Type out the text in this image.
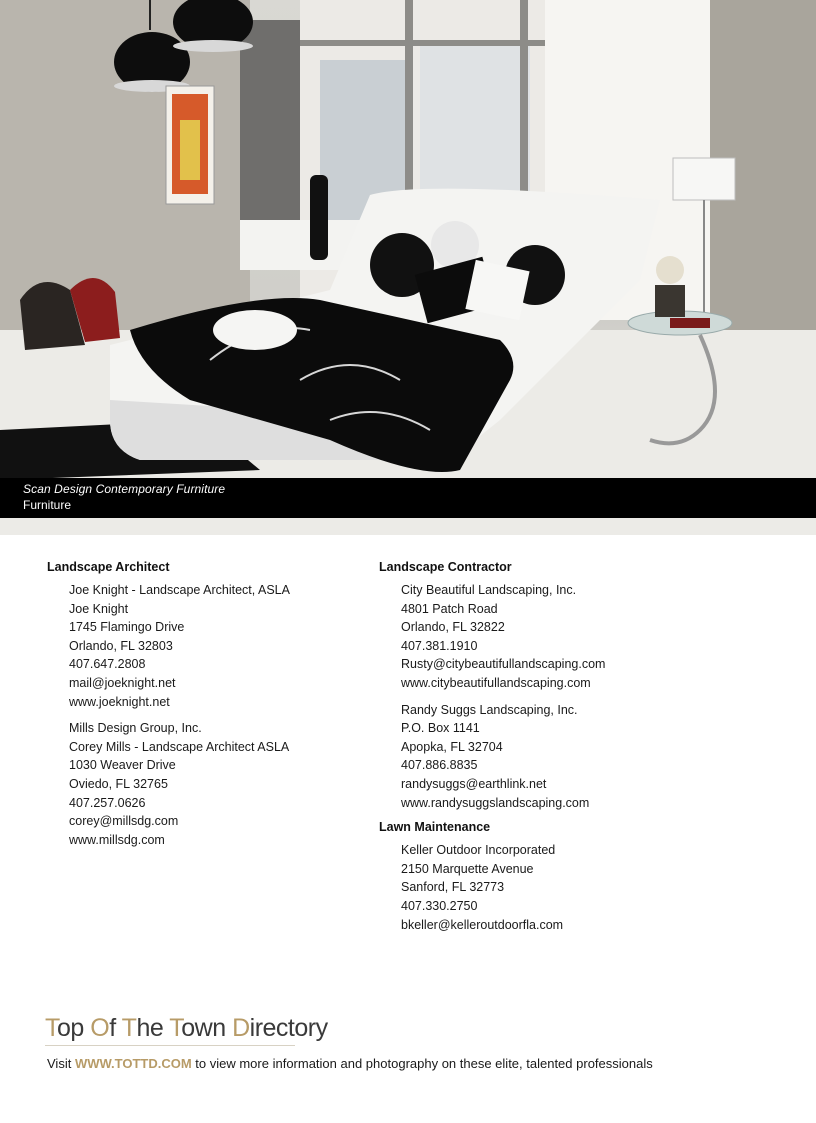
Scan Design Contemporary Furniture
Furniture
Landscape Architect
Joe Knight - Landscape Architect, ASLA
Joe Knight
1745 Flamingo Drive
Orlando, FL 32803
407.647.2808
mail@joeknight.net
www.joeknight.net
Mills Design Group, Inc.
Corey Mills - Landscape Architect ASLA
1030 Weaver Drive
Oviedo, FL 32765
407.257.0626
corey@millsdg.com
www.millsdg.com
Landscape Contractor
City Beautiful Landscaping, Inc.
4801 Patch Road
Orlando, FL 32822
407.381.1910
Rusty@citybeautifullandscaping.com
www.citybeautifullandscaping.com
Randy Suggs Landscaping, Inc.
P.O. Box 1141
Apopka, FL 32704
407.886.8835
randysuggs@earthlink.net
www.randysuggslandscaping.com
Lawn Maintenance
Keller Outdoor Incorporated
2150 Marquette Avenue
Sanford, FL 32773
407.330.2750
bkeller@kelleroutdoorfla.com
Top Of The Town Directory
Visit WWW.TOTTD.COM to view more information and photography on these elite, talented professionals
